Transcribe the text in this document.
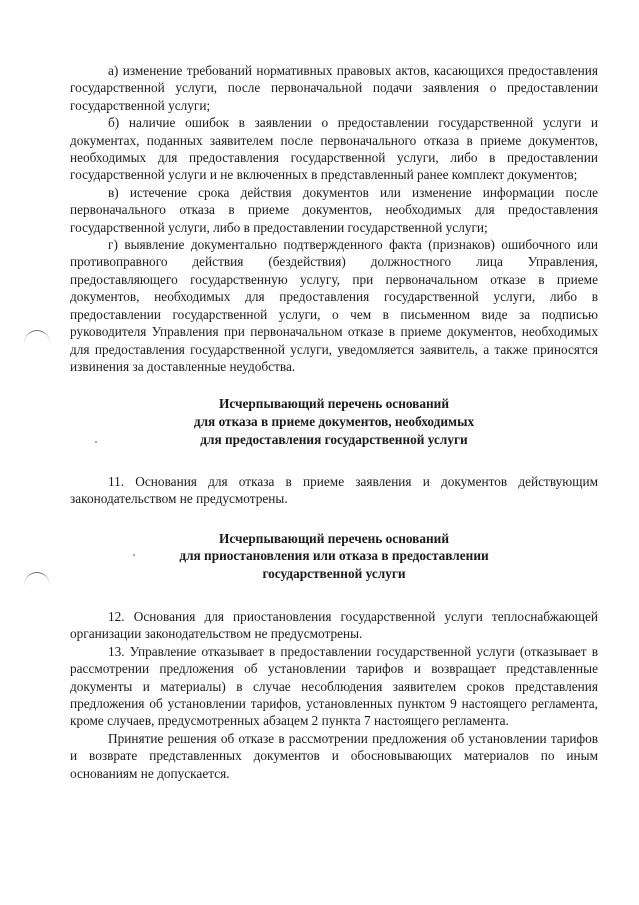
а) изменение требований нормативных правовых актов, касающихся предоставления государственной услуги, после первоначальной подачи заявления о предоставлении государственной услуги;

б) наличие ошибок в заявлении о предоставлении государственной услуги и документах, поданных заявителем после первоначального отказа в приеме документов, необходимых для предоставления государственной услуги, либо в предоставлении государственной услуги и не включенных в представленный ранее комплект документов;

в) истечение срока действия документов или изменение информации после первоначального отказа в приеме документов, необходимых для предоставления государственной услуги, либо в предоставлении государственной услуги;

г) выявление документально подтвержденного факта (признаков) ошибочного или противоправного действия (бездействия) должностного лица Управления, предоставляющего государственную услугу, при первоначальном отказе в приеме документов, необходимых для предоставления государственной услуги, либо в предоставлении государственной услуги, о чем в письменном виде за подписью руководителя Управления при первоначальном отказе в приеме документов, необходимых для предоставления государственной услуги, уведомляется заявитель, а также приносятся извинения за доставленные неудобства.

Исчерпывающий перечень оснований
для отказа в приеме документов, необходимых
для предоставления государственной услуги

11. Основания для отказа в приеме заявления и документов действующим законодательством не предусмотрены.

Исчерпывающий перечень оснований
для приостановления или отказа в предоставлении
государственной услуги

12. Основания для приостановления государственной услуги теплоснабжающей организации законодательством не предусмотрены.

13. Управление отказывает в предоставлении государственной услуги (отказывает в рассмотрении предложения об установлении тарифов и возвращает представленные документы и материалы) в случае несоблюдения заявителем сроков представления предложения об установлении тарифов, установленных пунктом 9 настоящего регламента, кроме случаев, предусмотренных абзацем 2 пункта 7 настоящего регламента.

Принятие решения об отказе в рассмотрении предложения об установлении тарифов и возврате представленных документов и обосновывающих материалов по иным основаниям не допускается.
